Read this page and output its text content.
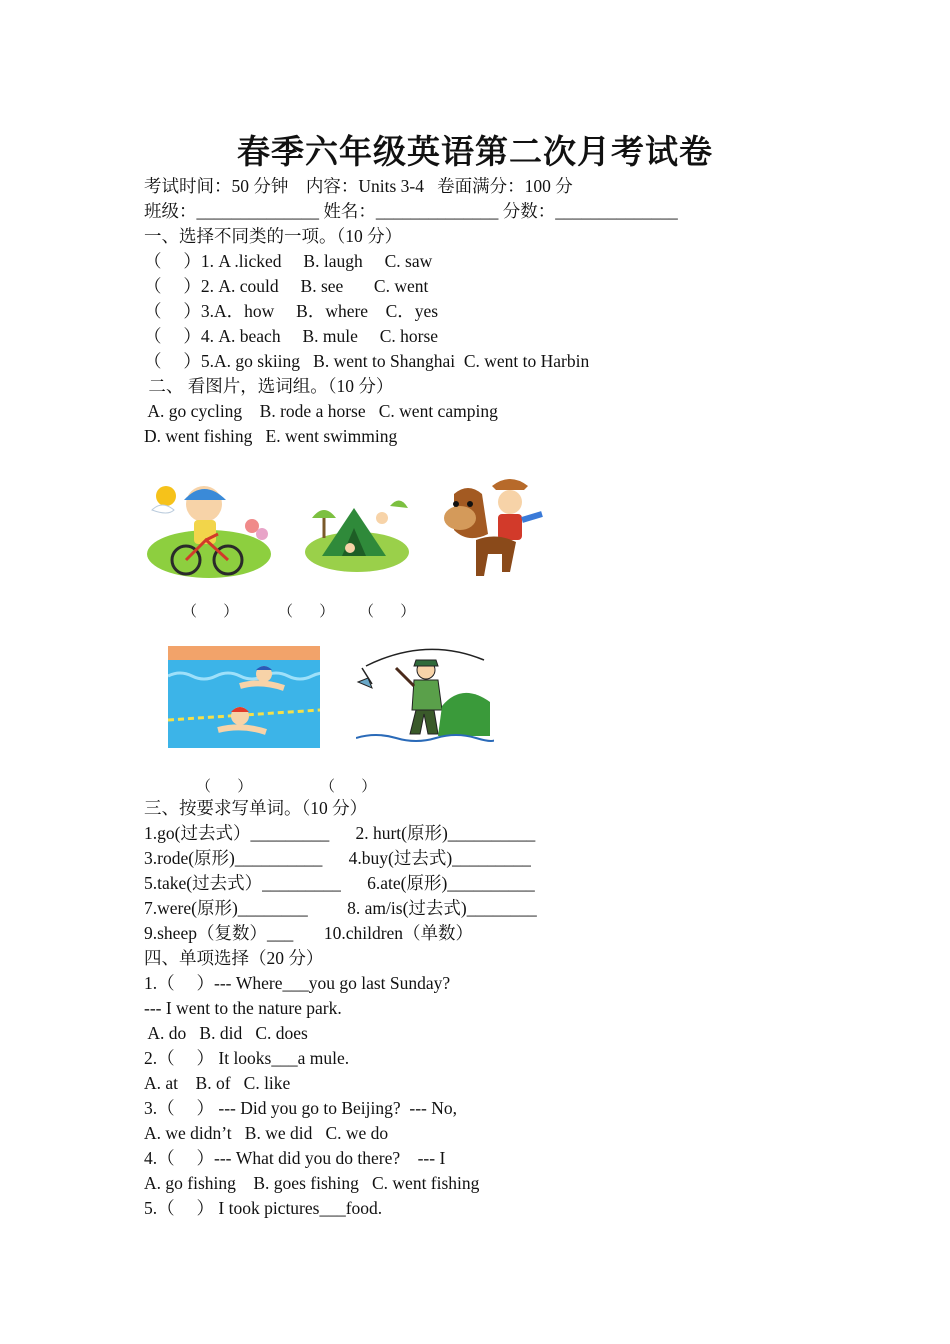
春季六年级英语第二次月考试卷
考试时间：50 分钟    内容：Units 3-4   卷面满分：100 分
班级：______________ 姓名：______________ 分数：______________
一、选择不同类的一项。（10 分）
（     ）1. A .licked     B. laugh     C. saw
（     ）2. A. could     B. see       C. went
（     ）3.A．how     B．where    C．yes
（     ）4. A. beach     B. mule     C. horse
（     ）5.A. go skiing   B. went to Shanghai  C. went to Harbin
二、 看图片，选词组。（10 分）
A. go cycling    B. rode a horse   C. went camping
D. went fishing   E. went swimming
（       ）	（       ） （       ）
（       ）	（       ）
三、按要求写单词。（10 分）
1.go(过去式）_________      2. hurt(原形)__________
3.rode(原形)__________      4.buy(过去式)_________
5.take(过去式）_________      6.ate(原形)__________
7.were(原形)________         8. am/is(过去式)________
9.sheep（复数）___       10.children（单数）
四、单项选择（20 分）
1.（     ）--- Where___you go last Sunday?
--- I went to the nature park.
A. do   B. did   C. does
2.（     ） It looks___a mule.
A. at    B. of   C. like
3.（     ） --- Did you go to Beijing?  --- No,
A. we didn’t   B. we did   C. we do
4.（     ）--- What did you do there?    --- I
A. go fishing    B. goes fishing   C. went fishing
5.（     ） I took pictures___food.
